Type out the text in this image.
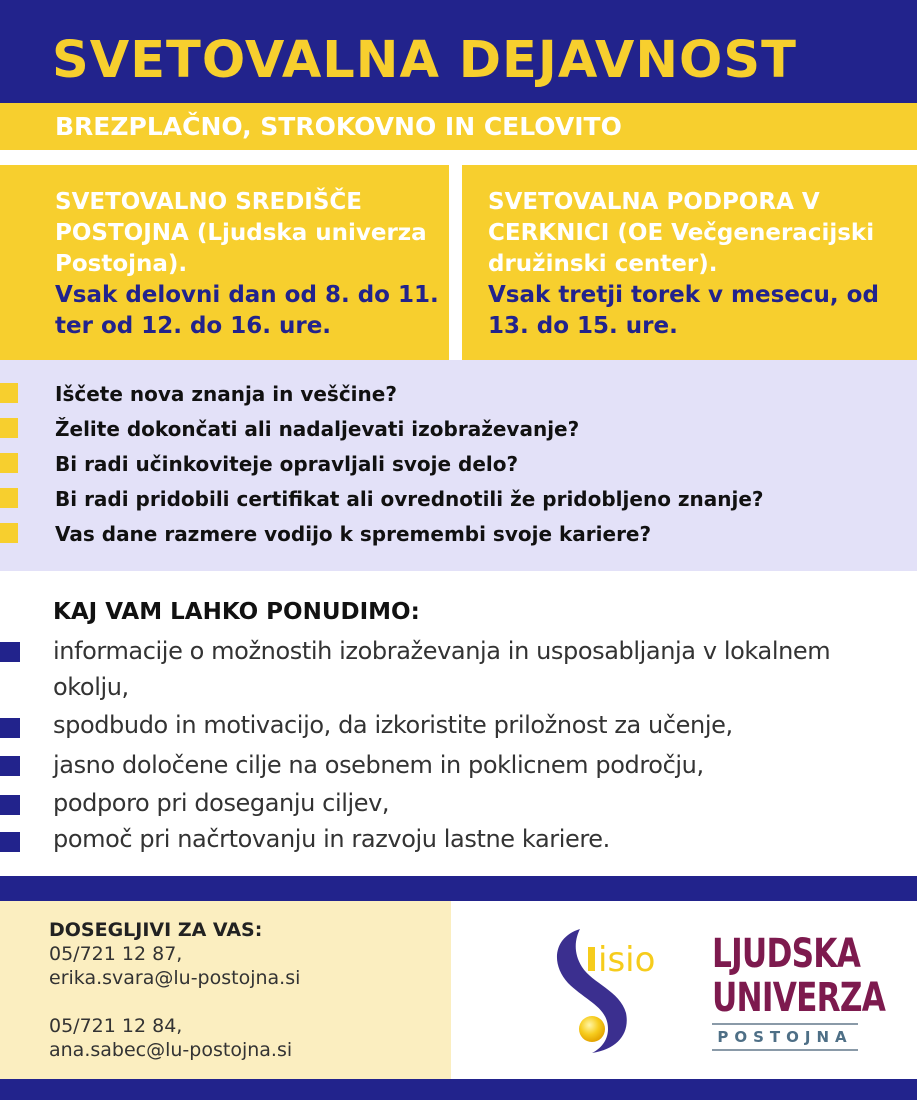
SVETOVALNA DEJAVNOST
BREZPLAČNO, STROKOVNO IN CELOVITO
SVETOVALNO SREDIŠČE POSTOJNA (Ljudska univerza Postojna).
Vsak delovni dan od 8. do 11. ter od 12. do 16. ure.
SVETOVALNA PODPORA V CERKNICI (OE Večgeneracijski družinski center).
Vsak tretji torek v mesecu, od 13. do 15. ure.
Iščete nova znanja in veščine?
Želite dokončati ali nadaljevati izobraževanje?
Bi radi učinkoviteje opravljali svoje delo?
Bi radi pridobili certifikat ali ovrednotili že pridobljeno znanje?
Vas dane razmere vodijo k spremembi svoje kariere?
KAJ VAM LAHKO PONUDIMO:
informacije o možnostih izobraževanja in usposabljanja v lokalnem
okolju,
spodbudo in motivacijo, da izkoristite priložnost za učenje,
jasno določene cilje na osebnem in poklicnem področju,
podporo pri doseganju ciljev,
pomoč pri načrtovanju in razvoju lastne kariere.
DOSEGLJIVI ZA VAS:
05/721 12 87,
erika.svara@lu-postojna.si
05/721 12 84,
ana.sabec@lu-postojna.si
isio LJUDSKA
UNIVERZA
POSTOJNA
